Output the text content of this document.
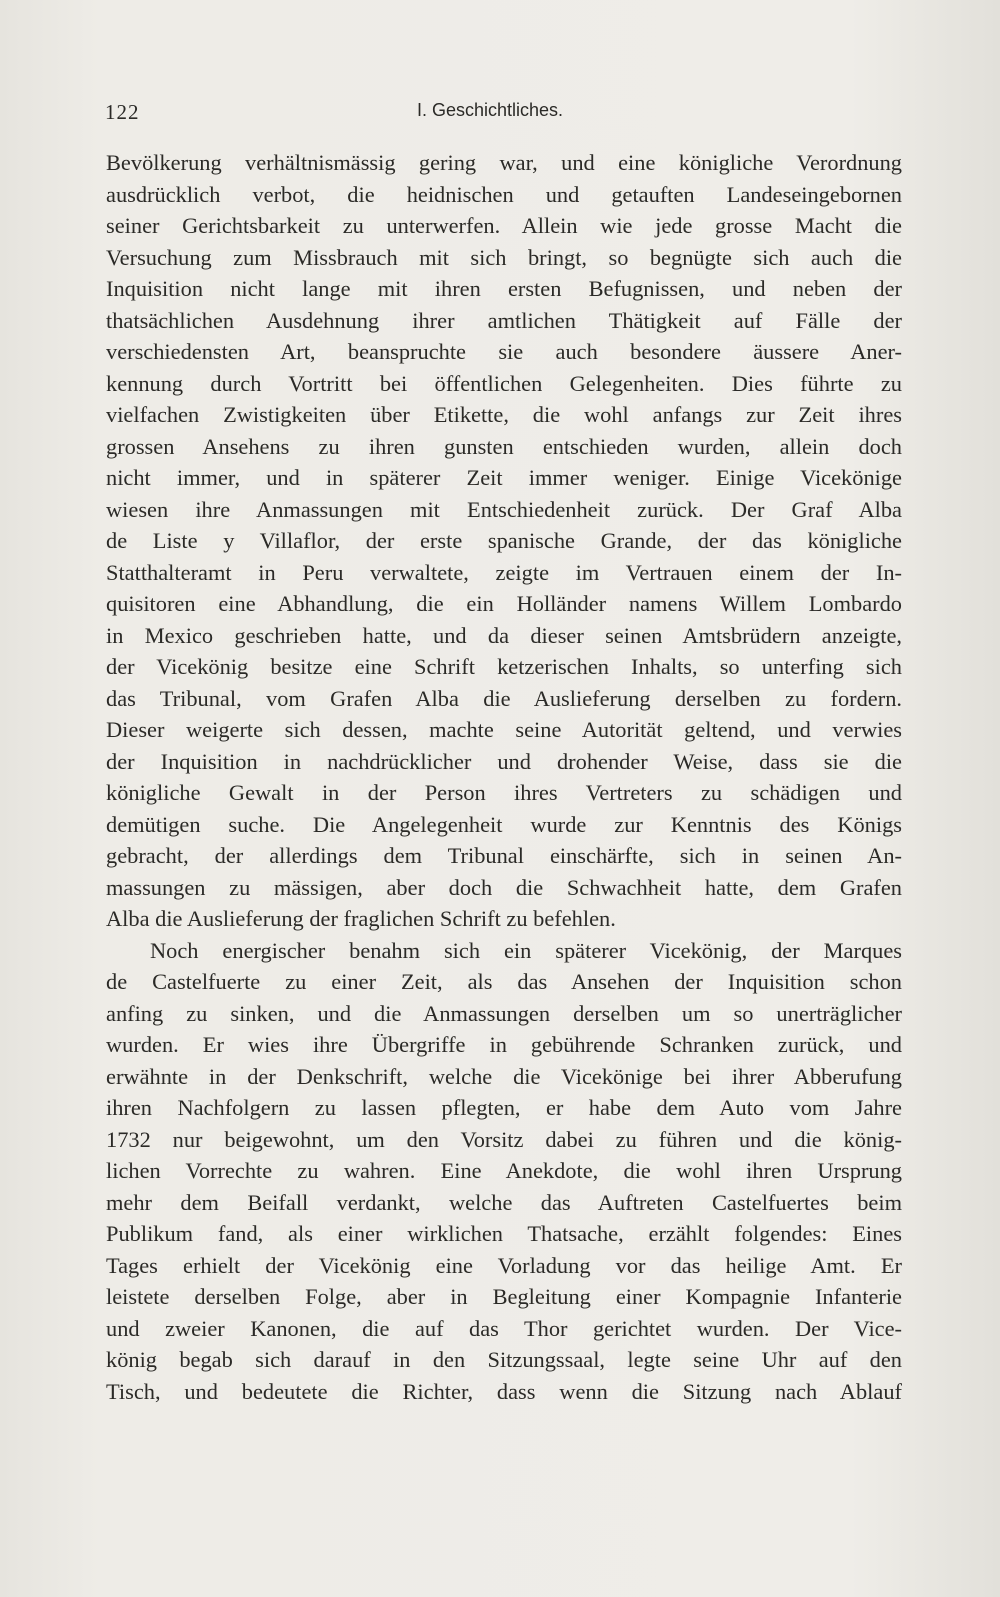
122	I. Geschichtliches.
Bevölkerung verhältnismässig gering war, und eine königliche Verordnung
ausdrücklich verbot, die heidnischen und getauften Landeseingebornen
seiner Gerichtsbarkeit zu unterwerfen. Allein wie jede grosse Macht die
Versuchung zum Missbrauch mit sich bringt, so begnügte sich auch die
Inquisition nicht lange mit ihren ersten Befugnissen, und neben der
thatsächlichen Ausdehnung ihrer amtlichen Thätigkeit auf Fälle der
verschiedensten Art, beanspruchte sie auch besondere äussere Aner-
kennung durch Vortritt bei öffentlichen Gelegenheiten. Dies führte zu
vielfachen Zwistigkeiten über Etikette, die wohl anfangs zur Zeit ihres
grossen Ansehens zu ihren gunsten entschieden wurden, allein doch
nicht immer, und in späterer Zeit immer weniger. Einige Vicekönige
wiesen ihre Anmassungen mit Entschiedenheit zurück. Der Graf Alba
de Liste y Villaflor, der erste spanische Grande, der das königliche
Statthalteramt in Peru verwaltete, zeigte im Vertrauen einem der In-
quisitoren eine Abhandlung, die ein Holländer namens Willem Lombardo
in Mexico geschrieben hatte, und da dieser seinen Amtsbrüdern anzeigte,
der Vicekönig besitze eine Schrift ketzerischen Inhalts, so unterfing sich
das Tribunal, vom Grafen Alba die Auslieferung derselben zu fordern.
Dieser weigerte sich dessen, machte seine Autorität geltend, und verwies
der Inquisition in nachdrücklicher und drohender Weise, dass sie die
königliche Gewalt in der Person ihres Vertreters zu schädigen und
demütigen suche. Die Angelegenheit wurde zur Kenntnis des Königs
gebracht, der allerdings dem Tribunal einschärfte, sich in seinen An-
massungen zu mässigen, aber doch die Schwachheit hatte, dem Grafen
Alba die Auslieferung der fraglichen Schrift zu befehlen.
Noch energischer benahm sich ein späterer Vicekönig, der Marques
de Castelfuerte zu einer Zeit, als das Ansehen der Inquisition schon
anfing zu sinken, und die Anmassungen derselben um so unerträglicher
wurden. Er wies ihre Übergriffe in gebührende Schranken zurück, und
erwähnte in der Denkschrift, welche die Vicekönige bei ihrer Abberufung
ihren Nachfolgern zu lassen pflegten, er habe dem Auto vom Jahre
1732 nur beigewohnt, um den Vorsitz dabei zu führen und die könig-
lichen Vorrechte zu wahren. Eine Anekdote, die wohl ihren Ursprung
mehr dem Beifall verdankt, welche das Auftreten Castelfuertes beim
Publikum fand, als einer wirklichen Thatsache, erzählt folgendes: Eines
Tages erhielt der Vicekönig eine Vorladung vor das heilige Amt. Er
leistete derselben Folge, aber in Begleitung einer Kompagnie Infanterie
und zweier Kanonen, die auf das Thor gerichtet wurden. Der Vice-
könig begab sich darauf in den Sitzungssaal, legte seine Uhr auf den
Tisch, und bedeutete die Richter, dass wenn die Sitzung nach Ablauf
